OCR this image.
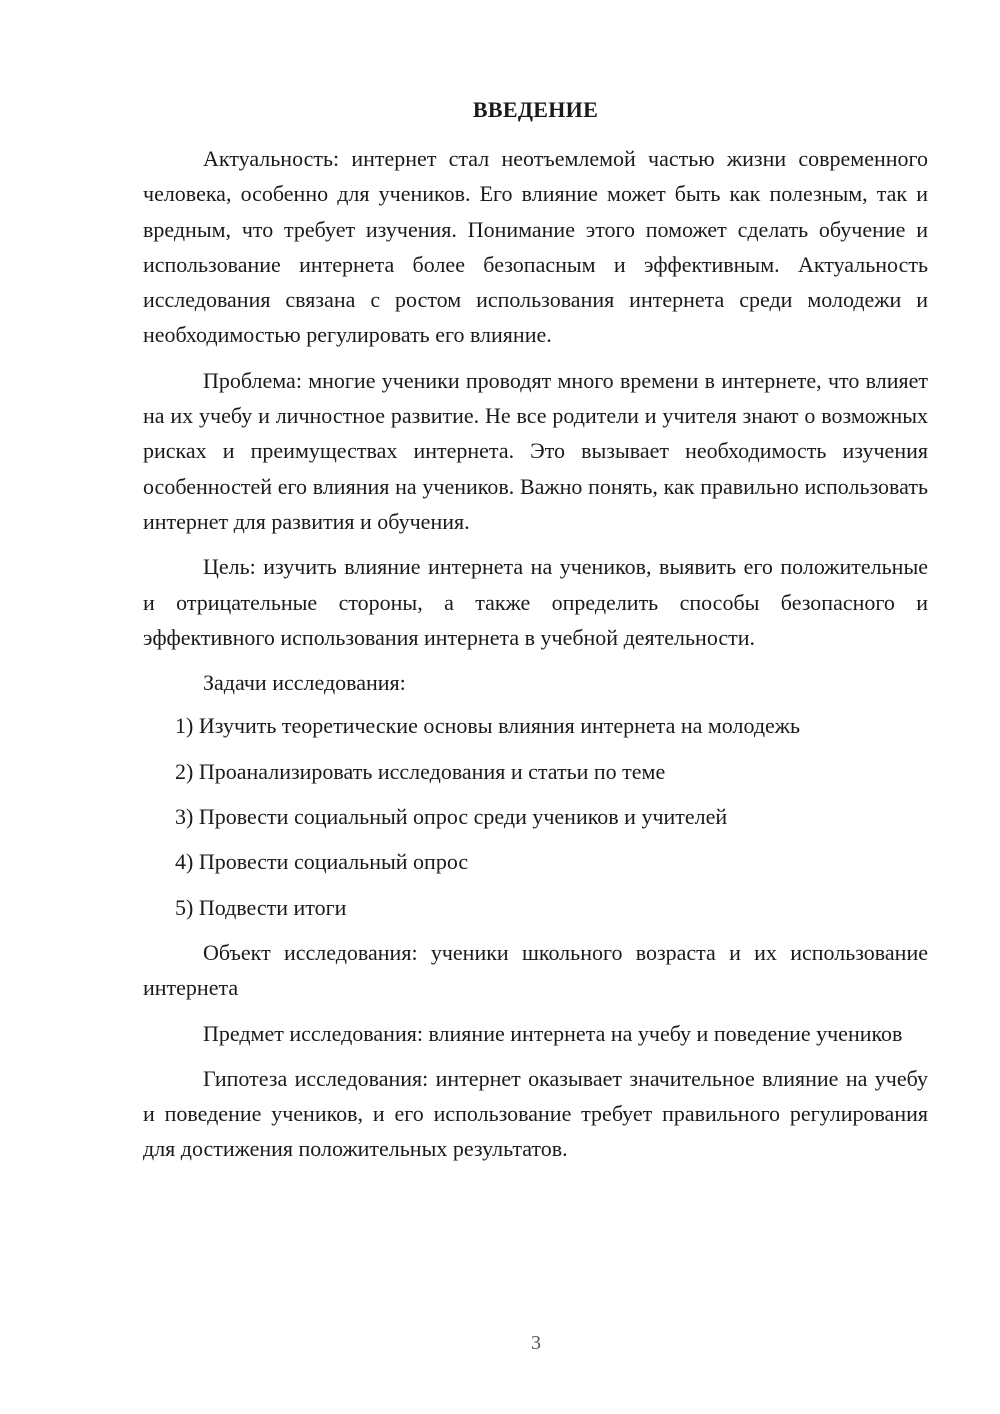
ВВЕДЕНИЕ

Актуальность: интернет стал неотъемлемой частью жизни современного человека, особенно для учеников. Его влияние может быть как полезным, так и вредным, что требует изучения. Понимание этого поможет сделать обучение и использование интернета более безопасным и эффективным. Актуальность исследования связана с ростом использования интернета среди молодежи и необходимостью регулировать его влияние.

Проблема: многие ученики проводят много времени в интернете, что влияет на их учебу и личностное развитие. Не все родители и учителя знают о возможных рисках и преимуществах интернета. Это вызывает необходимость изучения особенностей его влияния на учеников. Важно понять, как правильно использовать интернет для развития и обучения.

Цель: изучить влияние интернета на учеников, выявить его положительные и отрицательные стороны, а также определить способы безопасного и эффективного использования интернета в учебной деятельности.

Задачи исследования:
1) Изучить теоретические основы влияния интернета на молодежь
2) Проанализировать исследования и статьи по теме
3) Провести социальный опрос среди учеников и учителей
4) Провести социальный опрос
5) Подвести итоги

Объект исследования: ученики школьного возраста и их использование интернета

Предмет исследования: влияние интернета на учебу и поведение учеников

Гипотеза исследования: интернет оказывает значительное влияние на учебу и поведение учеников, и его использование требует правильного регулирования для достижения положительных результатов.

3
